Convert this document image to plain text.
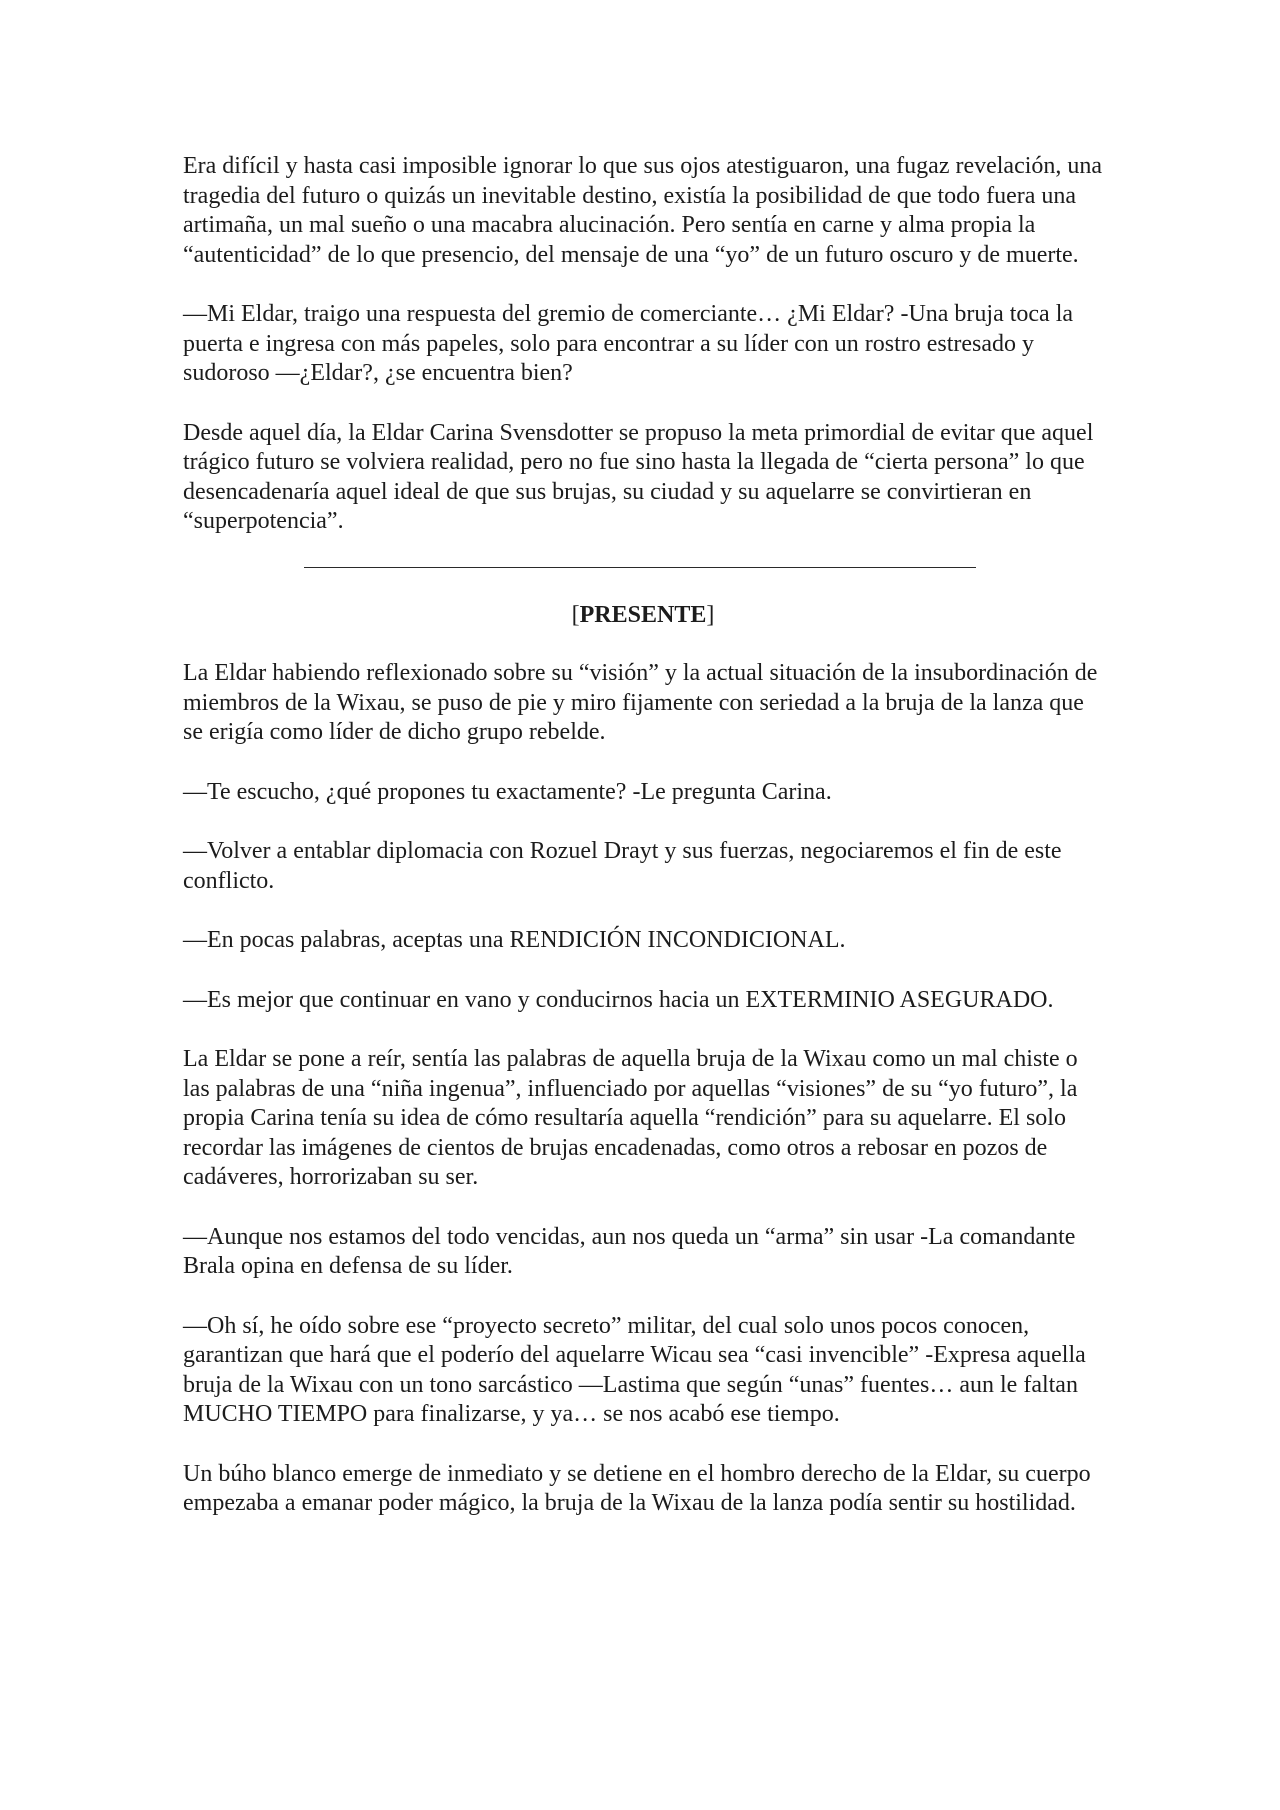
Era difícil y hasta casi imposible ignorar lo que sus ojos atestiguaron, una fugaz revelación, una tragedia del futuro o quizás un inevitable destino, existía la posibilidad de que todo fuera una artimaña, un mal sueño o una macabra alucinación. Pero sentía en carne y alma propia la “autenticidad” de lo que presencio, del mensaje de una “yo” de un futuro oscuro y de muerte.

—Mi Eldar, traigo una respuesta del gremio de comerciante… ¿Mi Eldar? -Una bruja toca la puerta e ingresa con más papeles, solo para encontrar a su líder con un rostro estresado y sudoroso —¿Eldar?, ¿se encuentra bien?

Desde aquel día, la Eldar Carina Svensdotter se propuso la meta primordial de evitar que aquel trágico futuro se volviera realidad, pero no fue sino hasta la llegada de “cierta persona” lo que desencadenaría aquel ideal de que sus brujas, su ciudad y su aquelarre se convirtieran en “superpotencia”.

[PRESENTE]

La Eldar habiendo reflexionado sobre su “visión” y la actual situación de la insubordinación de miembros de la Wixau, se puso de pie y miro fijamente con seriedad a la bruja de la lanza que se erigía como líder de dicho grupo rebelde.

—Te escucho, ¿qué propones tu exactamente? -Le pregunta Carina.

—Volver a entablar diplomacia con Rozuel Drayt y sus fuerzas, negociaremos el fin de este conflicto.

—En pocas palabras, aceptas una RENDICIÓN INCONDICIONAL.

—Es mejor que continuar en vano y conducirnos hacia un EXTERMINIO ASEGURADO.

La Eldar se pone a reír, sentía las palabras de aquella bruja de la Wixau como un mal chiste o las palabras de una “niña ingenua”, influenciado por aquellas “visiones” de su “yo futuro”, la propia Carina tenía su idea de cómo resultaría aquella “rendición” para su aquelarre. El solo recordar las imágenes de cientos de brujas encadenadas, como otros a rebosar en pozos de cadáveres, horrorizaban su ser.

—Aunque nos estamos del todo vencidas, aun nos queda un “arma” sin usar -La comandante Brala opina en defensa de su líder.

—Oh sí, he oído sobre ese “proyecto secreto” militar, del cual solo unos pocos conocen, garantizan que hará que el poderío del aquelarre Wicau sea “casi invencible” -Expresa aquella bruja de la Wixau con un tono sarcástico —Lastima que según “unas” fuentes… aun le faltan MUCHO TIEMPO para finalizarse, y ya… se nos acabó ese tiempo.

Un búho blanco emerge de inmediato y se detiene en el hombro derecho de la Eldar, su cuerpo empezaba a emanar poder mágico, la bruja de la Wixau de la lanza podía sentir su hostilidad.
